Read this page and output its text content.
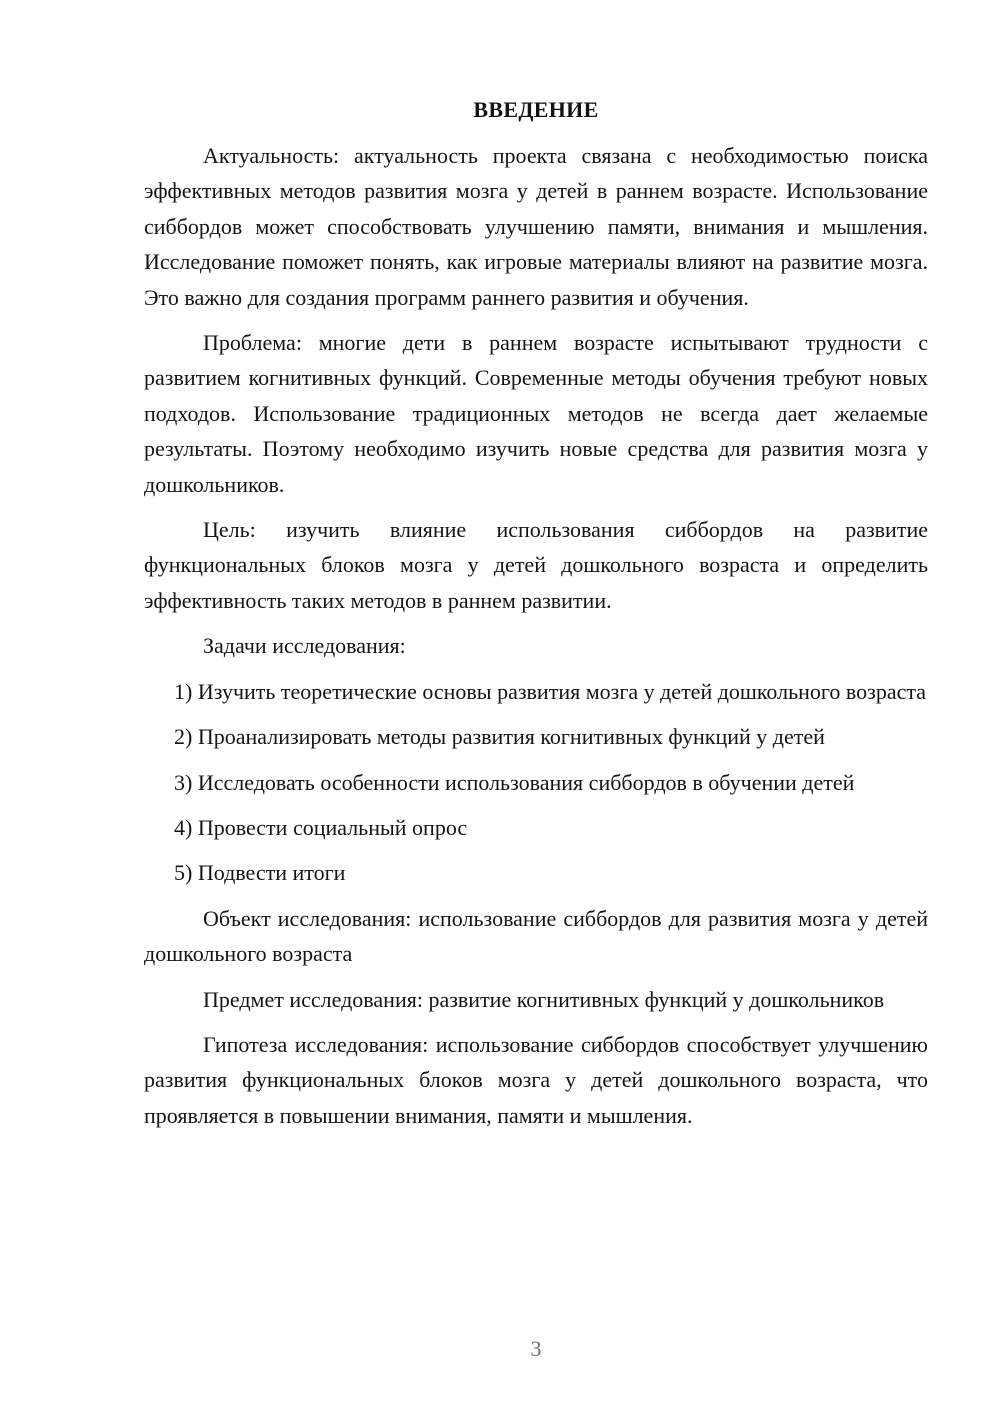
ВВЕДЕНИЕ

Актуальность: актуальность проекта связана с необходимостью поиска эффективных методов развития мозга у детей в раннем возрасте. Использование сиббордов может способствовать улучшению памяти, внимания и мышления. Исследование поможет понять, как игровые материалы влияют на развитие мозга. Это важно для создания программ раннего развития и обучения.

Проблема: многие дети в раннем возрасте испытывают трудности с развитием когнитивных функций. Современные методы обучения требуют новых подходов. Использование традиционных методов не всегда дает желаемые результаты. Поэтому необходимо изучить новые средства для развития мозга у дошкольников.

Цель: изучить влияние использования сиббордов на развитие функциональных блоков мозга у детей дошкольного возраста и определить эффективность таких методов в раннем развитии.

Задачи исследования:

1) Изучить теоретические основы развития мозга у детей дошкольного возраста
2) Проанализировать методы развития когнитивных функций у детей
3) Исследовать особенности использования сиббордов в обучении детей
4) Провести социальный опрос
5) Подвести итоги

Объект исследования: использование сиббордов для развития мозга у детей дошкольного возраста

Предмет исследования: развитие когнитивных функций у дошкольников

Гипотеза исследования: использование сиббордов способствует улучшению развития функциональных блоков мозга у детей дошкольного возраста, что проявляется в повышении внимания, памяти и мышления.

3
